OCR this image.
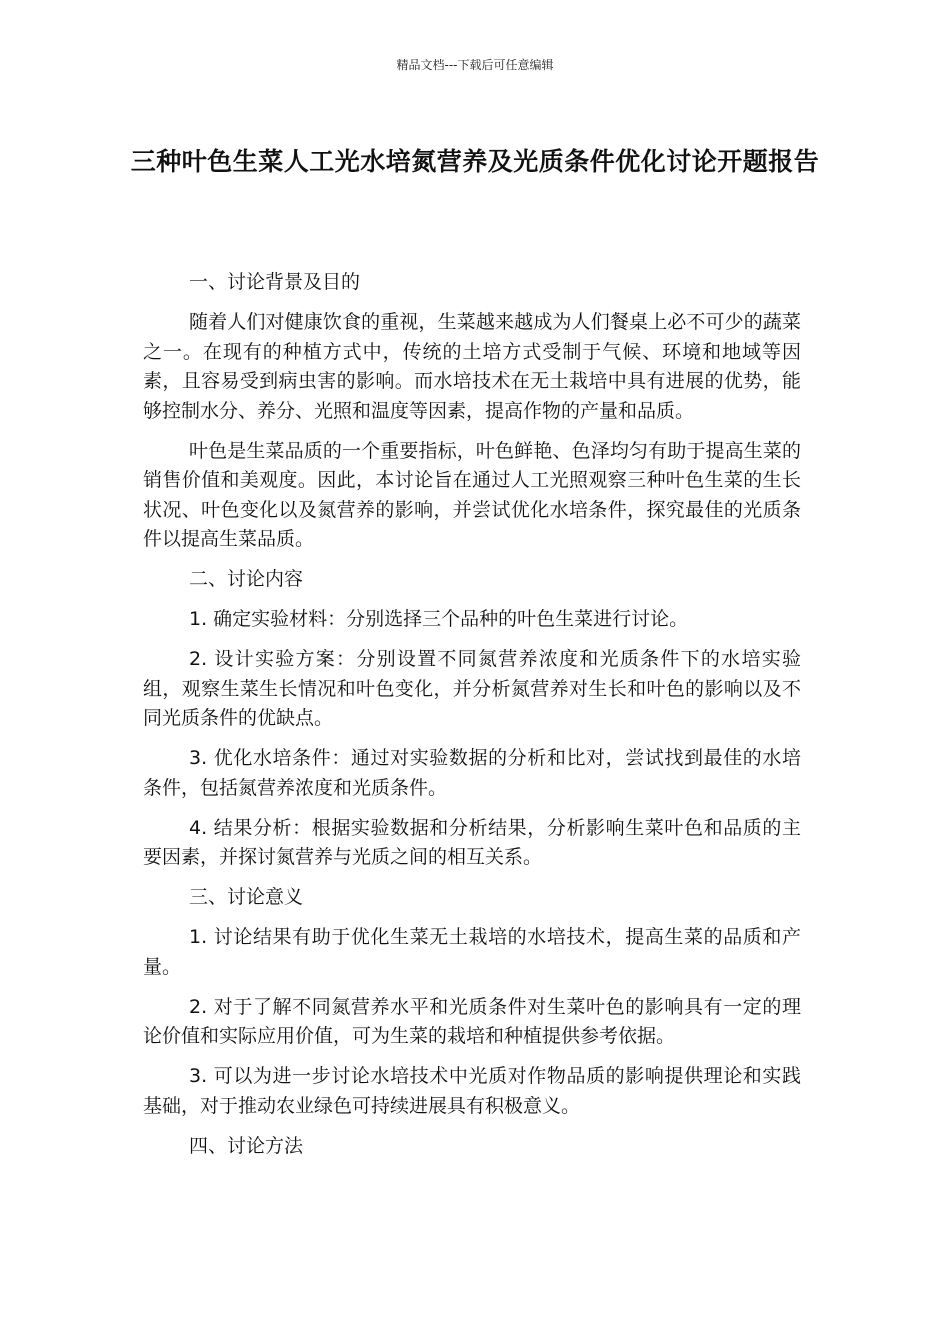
精品文档---下载后可任意编辑
三种叶色生菜人工光水培氮营养及光质条件优化讨论开题报告

一、讨论背景及目的

随着人们对健康饮食的重视，生菜越来越成为人们餐桌上必不可少的蔬菜之一。在现有的种植方式中，传统的土培方式受制于气候、环境和地域等因素，且容易受到病虫害的影响。而水培技术在无土栽培中具有进展的优势，能够控制水分、养分、光照和温度等因素，提高作物的产量和品质。

叶色是生菜品质的一个重要指标，叶色鲜艳、色泽均匀有助于提高生菜的销售价值和美观度。因此，本讨论旨在通过人工光照观察三种叶色生菜的生长状况、叶色变化以及氮营养的影响，并尝试优化水培条件，探究最佳的光质条件以提高生菜品质。

二、讨论内容

1. 确定实验材料：分别选择三个品种的叶色生菜进行讨论。

2. 设计实验方案：分别设置不同氮营养浓度和光质条件下的水培实验组，观察生菜生长情况和叶色变化，并分析氮营养对生长和叶色的影响以及不同光质条件的优缺点。

3. 优化水培条件：通过对实验数据的分析和比对，尝试找到最佳的水培条件，包括氮营养浓度和光质条件。

4. 结果分析：根据实验数据和分析结果，分析影响生菜叶色和品质的主要因素，并探讨氮营养与光质之间的相互关系。

三、讨论意义

1. 讨论结果有助于优化生菜无土栽培的水培技术，提高生菜的品质和产量。

2. 对于了解不同氮营养水平和光质条件对生菜叶色的影响具有一定的理论价值和实际应用价值，可为生菜的栽培和种植提供参考依据。

3. 可以为进一步讨论水培技术中光质对作物品质的影响提供理论和实践基础，对于推动农业绿色可持续进展具有积极意义。

四、讨论方法
